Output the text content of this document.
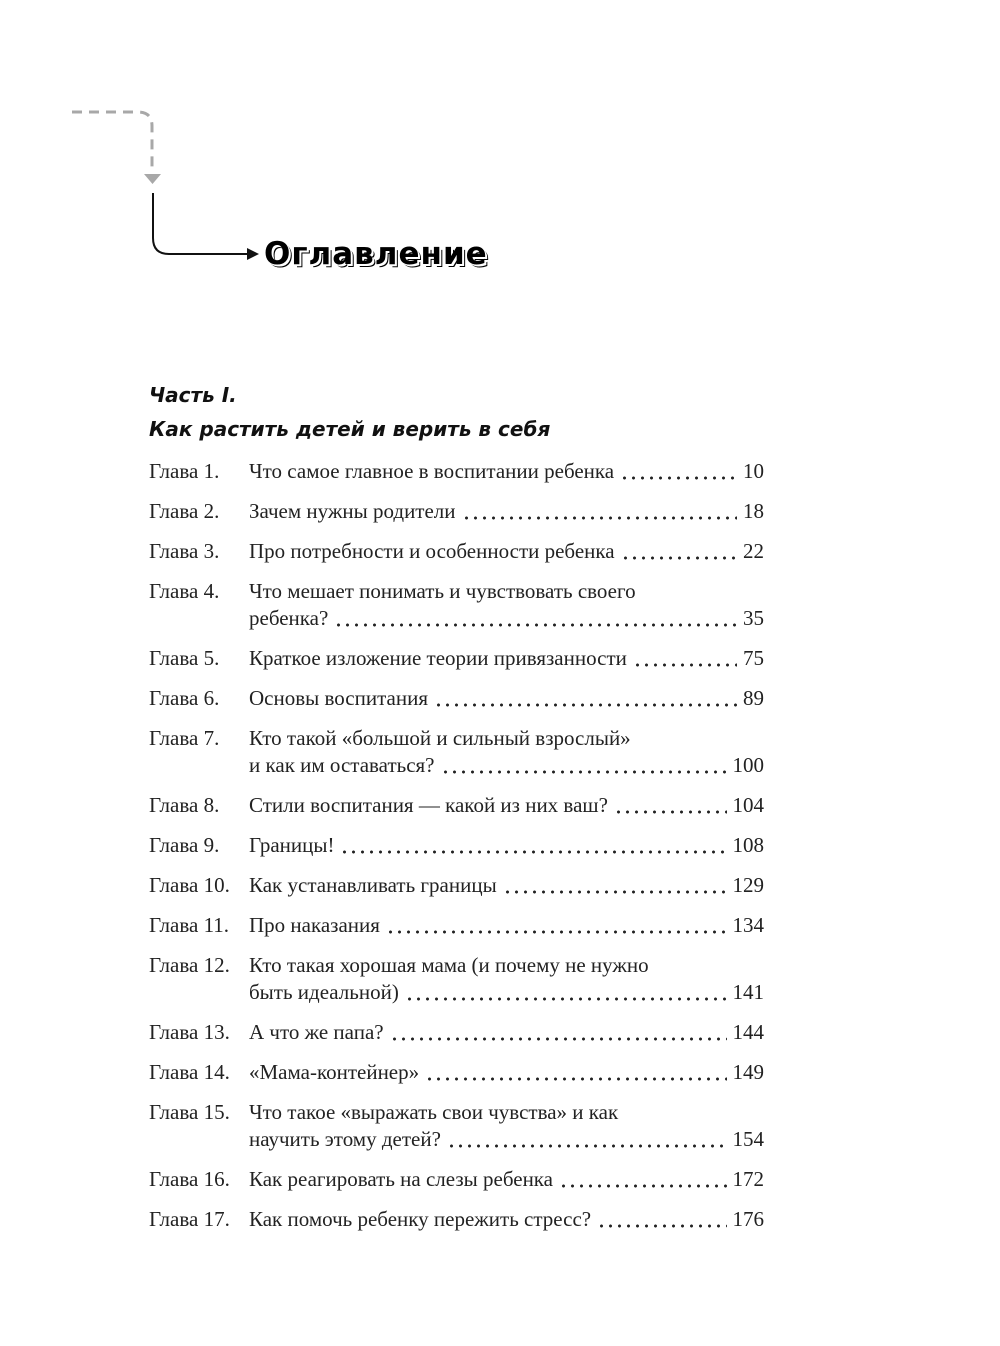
Оглавление
Часть I.
Как растить детей и верить в себя
Глава 1.	Что самое главное в воспитании ребенка	10
Глава 2.	Зачем нужны родители	18
Глава 3.	Про потребности и особенности ребенка	22
Глава 4.	Что мешает понимать и чувствовать своего
ребенка?	35
Глава 5.	Краткое изложение теории привязанности	75
Глава 6.	Основы воспитания	89
Глава 7.	Кто такой «большой и сильный взрослый»
и как им оставаться?	100
Глава 8.	Стили воспитания — какой из них ваш?	104
Глава 9.	Границы!	108
Глава 10. Как устанавливать границы	129
Глава 11. Про наказания	134
Глава 12. Кто такая хорошая мама (и почему не нужно
быть идеальной)	141
Глава 13. А что же папа?	144
Глава 14. «Мама-контейнер»	149
Глава 15. Что такое «выражать свои чувства» и как
научить этому детей?	154
Глава 16. Как реагировать на слезы ребенка	172
Глава 17. Как помочь ребенку пережить стресс?	176
